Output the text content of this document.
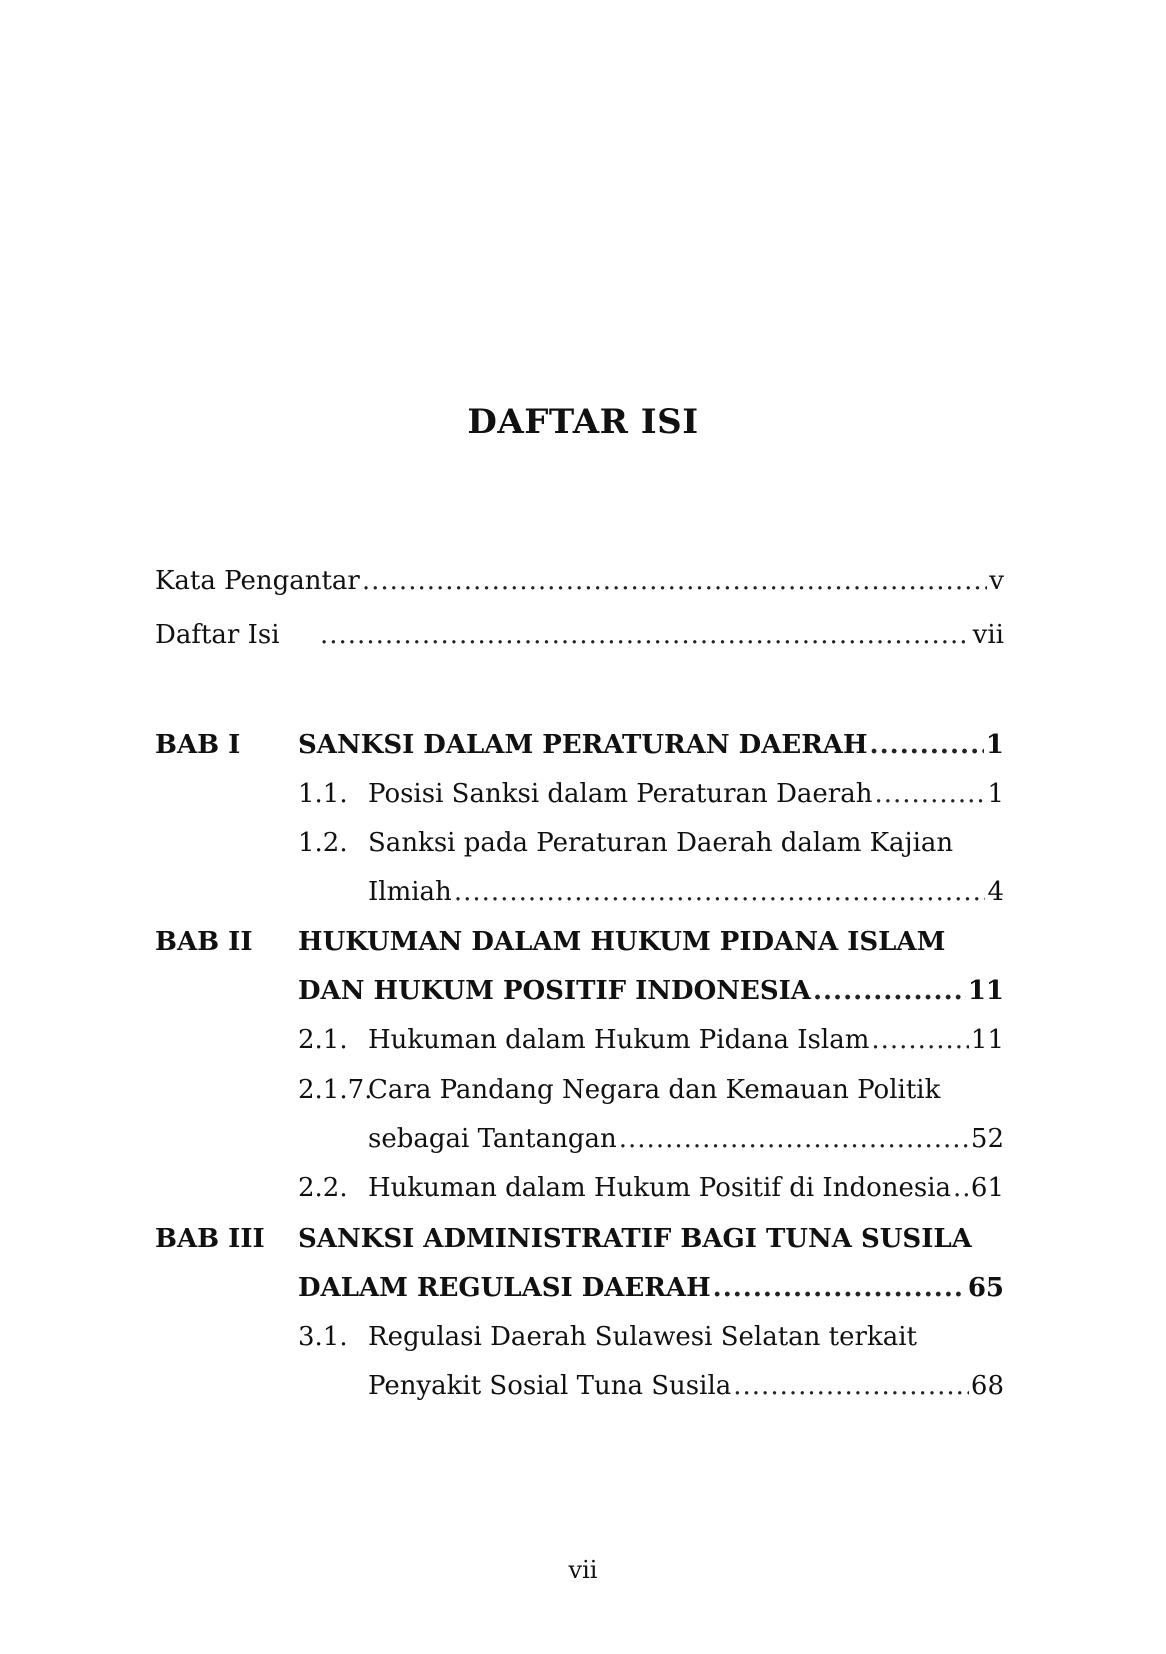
DAFTAR ISI
Kata Pengantar .....	v
Daftar Isi .....	vii
BAB I SANKSI DALAM PERATURAN DAERAH .....	1
1.1. Posisi Sanksi dalam Peraturan Daerah .....	1
1.2. Sanksi pada Peraturan Daerah dalam Kajian
Ilmiah .....	4
BAB II HUKUMAN DALAM HUKUM PIDANA ISLAM
DAN HUKUM POSITIF INDONESIA .....	11
2.1. Hukuman dalam Hukum Pidana Islam .....	11
2.1.7.
Cara Pandang Negara dan Kemauan Politik
sebagai Tantangan .....	52
2.2. Hukuman dalam Hukum Positif di Indonesia ..... 61
BAB III SANKSI ADMINISTRATIF BAGI TUNA SUSILA
DALAM REGULASI DAERAH .....	65
3.1. Regulasi Daerah Sulawesi Selatan terkait
Penyakit Sosial Tuna Susila .....	68
vii
